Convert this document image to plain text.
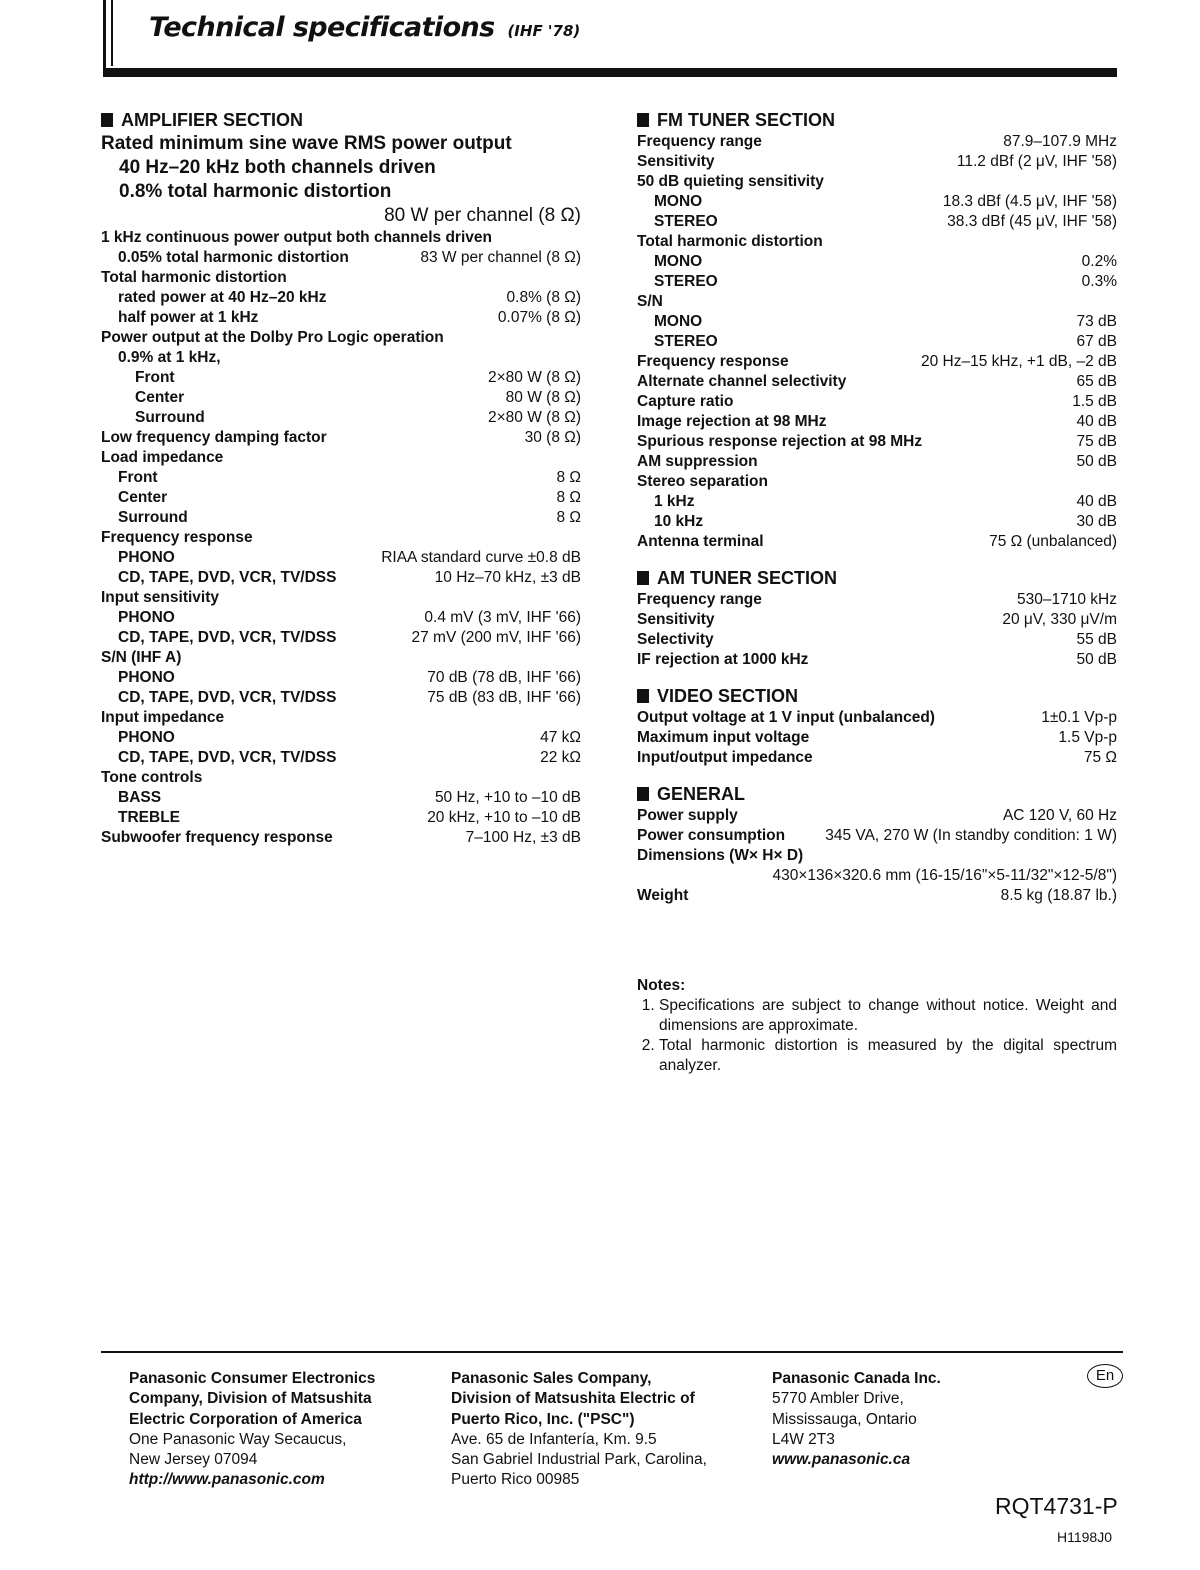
Technical specifications (IHF '78)
AMPLIFIER SECTION
Rated minimum sine wave RMS power output
40 Hz–20 kHz both channels driven
0.8% total harmonic distortion
80 W per channel (8 Ω)
1 kHz continuous power output both channels driven
0.05% total harmonic distortion	83 W per channel (8 Ω)
Total harmonic distortion
rated power at 40 Hz–20 kHz	0.8% (8 Ω)
half power at 1 kHz	0.07% (8 Ω)
Power output at the Dolby Pro Logic operation
0.9% at 1 kHz,
Front	2×80 W (8 Ω)
Center	80 W (8 Ω)
Surround	2×80 W (8 Ω)
Low frequency damping factor	30 (8 Ω)
Load impedance
Front	8 Ω
Center	8 Ω
Surround	8 Ω
Frequency response
PHONO	RIAA standard curve ±0.8 dB
CD, TAPE, DVD, VCR, TV/DSS	10 Hz–70 kHz, ±3 dB
Input sensitivity
PHONO	0.4 mV (3 mV, IHF '66)
CD, TAPE, DVD, VCR, TV/DSS	27 mV (200 mV, IHF '66)
S/N (IHF A)
PHONO	70 dB (78 dB, IHF '66)
CD, TAPE, DVD, VCR, TV/DSS	75 dB (83 dB, IHF '66)
Input impedance
PHONO	47 kΩ
CD, TAPE, DVD, VCR, TV/DSS	22 kΩ
Tone controls
BASS	50 Hz, +10 to –10 dB
TREBLE	20 kHz, +10 to –10 dB
Subwoofer frequency response	7–100 Hz, ±3 dB
FM TUNER SECTION
Frequency range	87.9–107.9 MHz
Sensitivity	11.2 dBf (2 μV, IHF '58)
50 dB quieting sensitivity
MONO	18.3 dBf (4.5 μV, IHF '58)
STEREO	38.3 dBf (45 μV, IHF '58)
Total harmonic distortion
MONO	0.2%
STEREO	0.3%
S/N
MONO	73 dB
STEREO	67 dB
Frequency response	20 Hz–15 kHz, +1 dB, –2 dB
Alternate channel selectivity	65 dB
Capture ratio	1.5 dB
Image rejection at 98 MHz	40 dB
Spurious response rejection at 98 MHz	75 dB
AM suppression	50 dB
Stereo separation
1 kHz	40 dB
10 kHz	30 dB
Antenna terminal	75 Ω (unbalanced)
AM TUNER SECTION
Frequency range	530–1710 kHz
Sensitivity	20 μV, 330 μV/m
Selectivity	55 dB
IF rejection at 1000 kHz	50 dB
VIDEO SECTION
Output voltage at 1 V input (unbalanced)	1±0.1 Vp-p
Maximum input voltage	1.5 Vp-p
Input/output impedance	75 Ω
GENERAL
Power supply	AC 120 V, 60 Hz
Power consumption	345 VA, 270 W (In standby condition: 1 W)
Dimensions (W× H× D)
430×136×320.6 mm (16-15/16"×5-11/32"×12-5/8")
Weight	8.5 kg (18.87 lb.)
Notes:
1. Specifications are subject to change without notice. Weight and dimensions are approximate.
2. Total harmonic distortion is measured by the digital spectrum analyzer.
Panasonic Consumer Electronics
Company, Division of Matsushita
Electric Corporation of America
One Panasonic Way Secaucus,
New Jersey 07094
http://www.panasonic.com
Panasonic Sales Company,
Division of Matsushita Electric of
Puerto Rico, Inc. ("PSC")
Ave. 65 de Infantería, Km. 9.5
San Gabriel Industrial Park, Carolina,
Puerto Rico 00985
Panasonic Canada Inc.
5770 Ambler Drive,
Mississauga, Ontario
L4W 2T3
www.panasonic.ca
En
RQT4731-P
H1198J0
